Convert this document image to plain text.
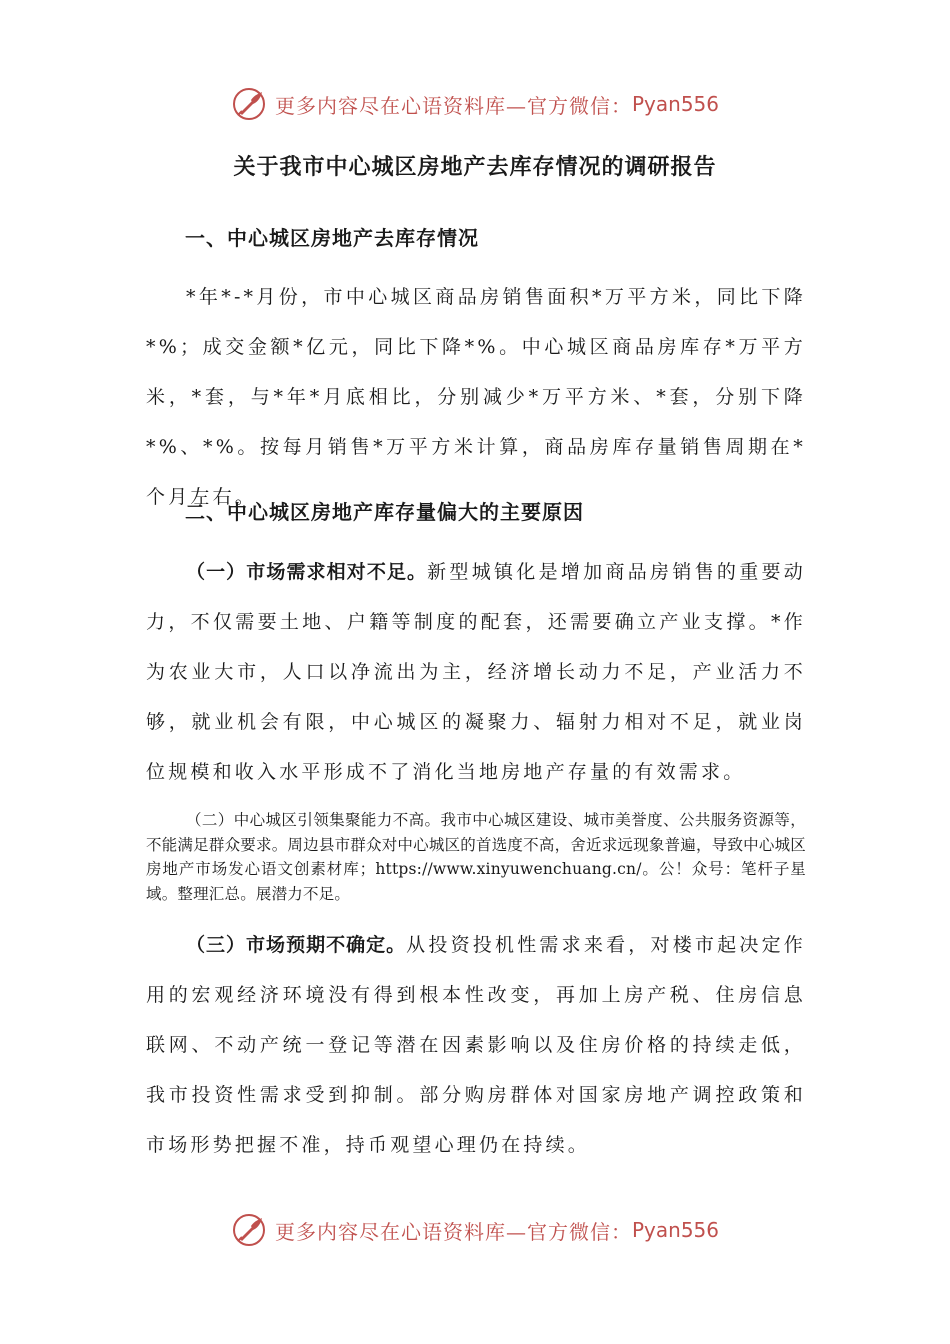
更多内容尽在心语资料库—官方微信： Pyan556
关于我市中心城区房地产去库存情况的调研报告
一、中心城区房地产去库存情况

*年*-*月份，市中心城区商品房销售面积*万平方米，同比下降*%；成交金额*亿元，同比下降*%。中心城区商品房库存*万平方米，*套，与*年*月底相比，分别减少*万平方米、*套，分别下降*%、*%。按每月销售*万平方米计算，商品房库存量销售周期在*个月左右。

二、中心城区房地产库存量偏大的主要原因

（一）市场需求相对不足。新型城镇化是增加商品房销售的重要动力，不仅需要土地、户籍等制度的配套，还需要确立产业支撑。*作为农业大市，人口以净流出为主，经济增长动力不足，产业活力不够，就业机会有限，中心城区的凝聚力、辐射力相对不足，就业岗位规模和收入水平形成不了消化当地房地产存量的有效需求。

（二）中心城区引领集聚能力不高。我市中心城区建设、城市美誉度、公共服务资源等，不能满足群众要求。周边县市群众对中心城区的首选度不高，舍近求远现象普遍，导致中心城区房地产市场发心语文创素材库；https://www.xinyuwenchuang.cn/。公！众号：笔杆子星域。整理汇总。展潜力不足。

（三）市场预期不确定。从投资投机性需求来看，对楼市起决定作用的宏观经济环境没有得到根本性改变，再加上房产税、住房信息联网、不动产统一登记等潜在因素影响以及住房价格的持续走低，我市投资性需求受到抑制。部分购房群体对国家房地产调控政策和市场形势把握不准，持币观望心理仍在持续。

更多内容尽在心语资料库—官方微信： Pyan556
